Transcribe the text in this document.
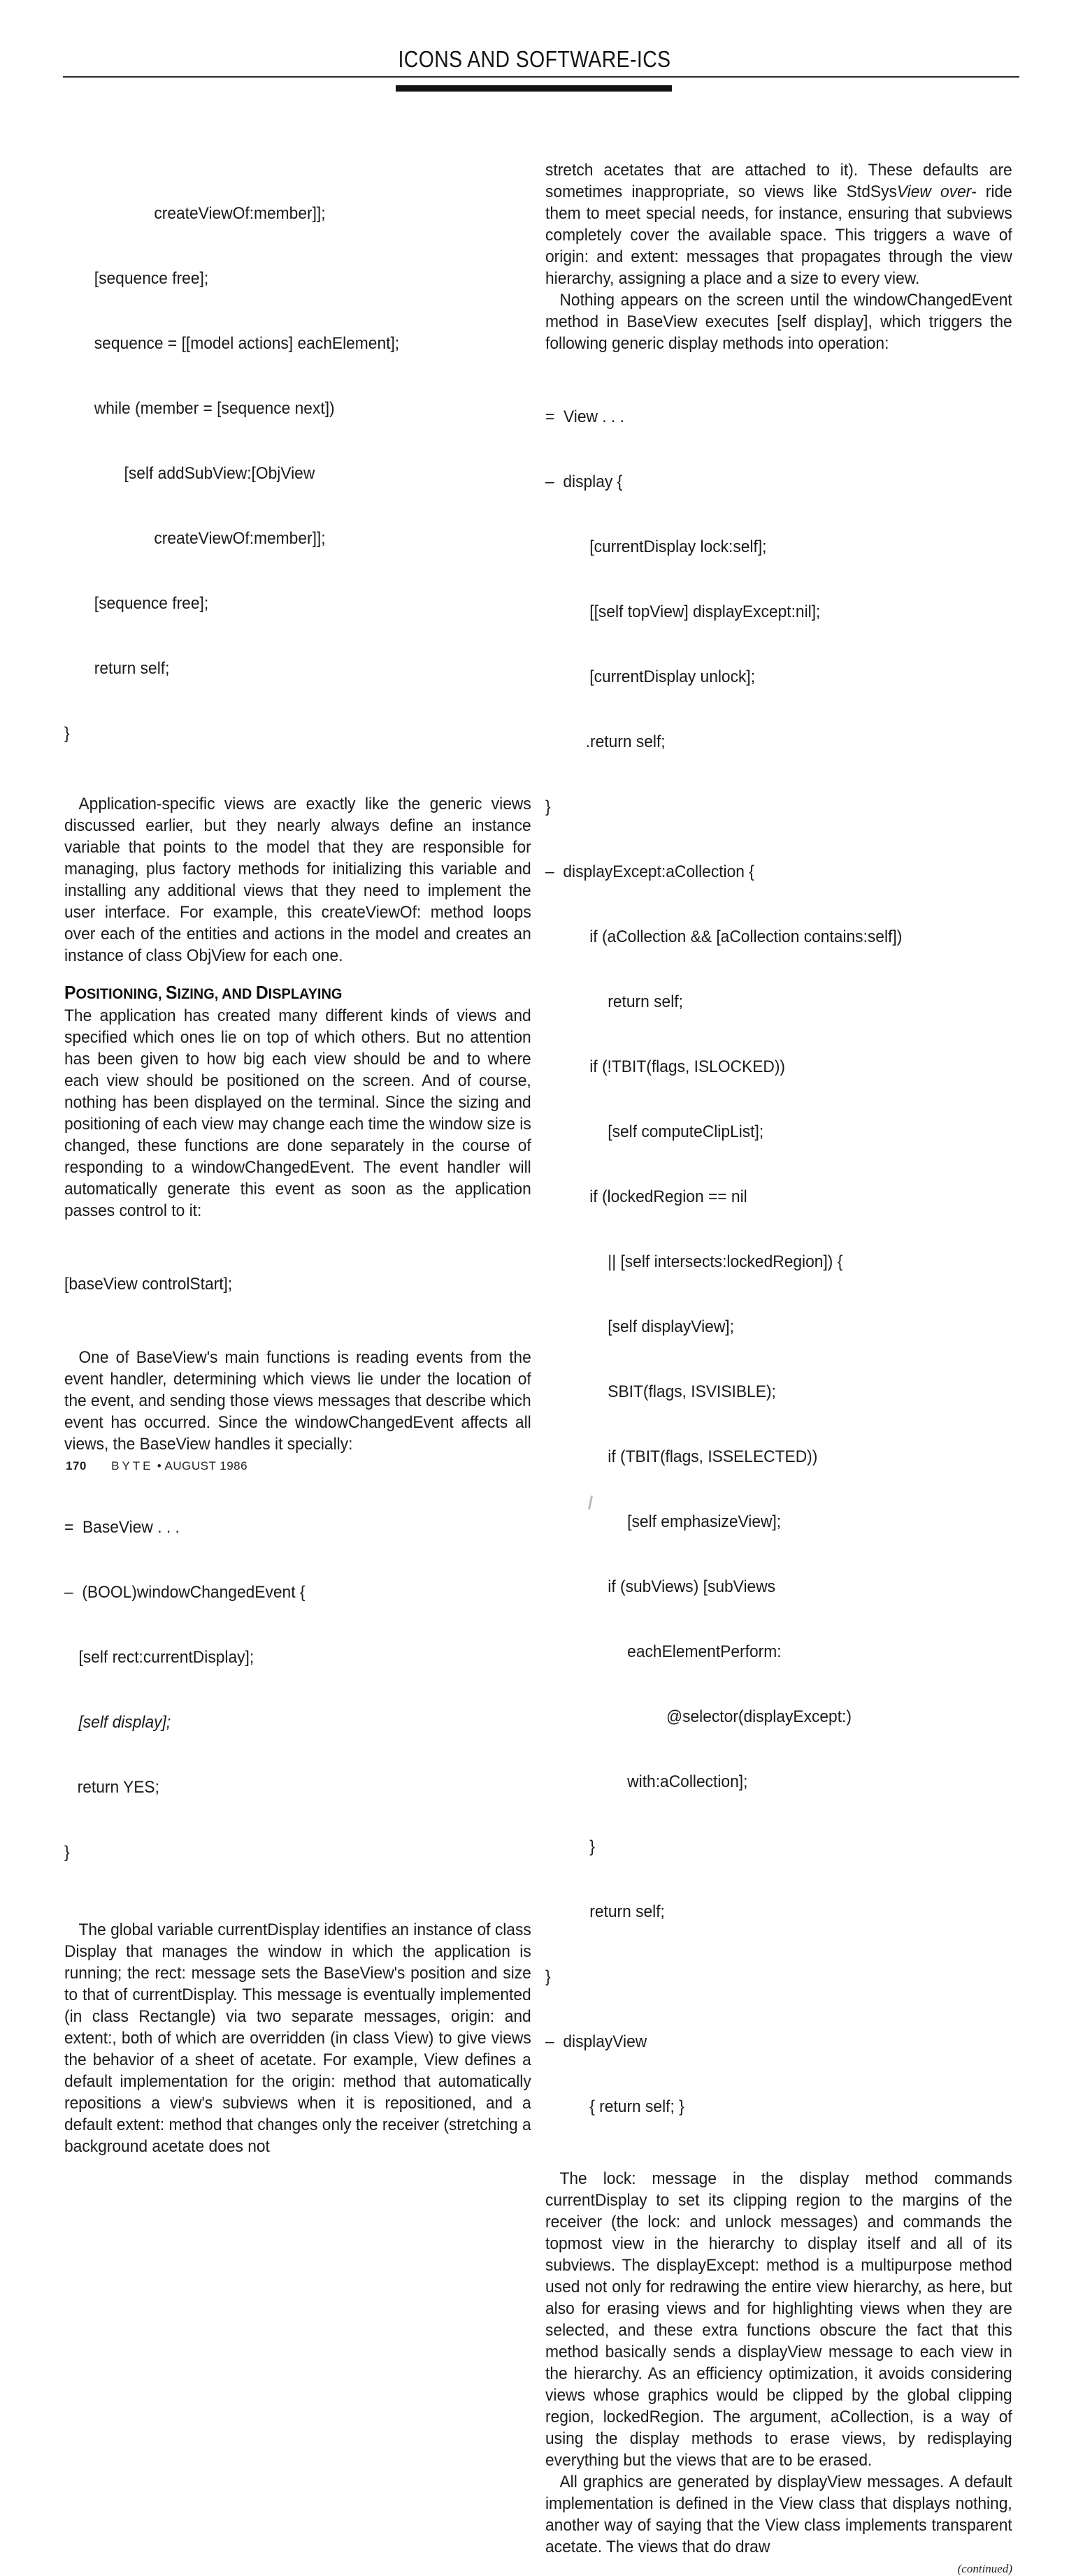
ICONS AND SOFTWARE-ICS

createViewOf:member]];

[sequence free];

sequence = [[model actions] eachElement];

while (member = [sequence next])

[self addSubView:[ObjView

createViewOf:member]];

[sequence free];

return self;

}

Application-specific views are exactly like the generic views discussed earlier, but they nearly always define an instance variable that points to the model that they are responsible for managing, plus factory methods for initializing this variable and installing any additional views that they need to implement the user interface. For example, this createViewOf: method loops over each of the entities and actions in the model and creates an instance of class ObjView for each one.

POSITIONING, SIZING, AND DISPLAYING

The application has created many different kinds of views and specified which ones lie on top of which others. But no attention has been given to how big each view should be and to where each view should be positioned on the screen. And of course, nothing has been displayed on the terminal. Since the sizing and positioning of each view may change each time the window size is changed, these functions are done separately in the course of responding to a windowChangedEvent. The event handler will automatically generate this event as soon as the application passes control to it:

[baseView controlStart];

One of BaseView's main functions is reading events from the event handler, determining which views lie under the location of the event, and sending those views messages that describe which event has occurred. Since the windowChangedEvent affects all views, the BaseView handles it specially:

=  BaseView . . .

–  (BOOL)windowChangedEvent {

[self rect:currentDisplay];

[self display];

return YES;

}

The global variable currentDisplay identifies an instance of class Display that manages the window in which the application is running; the rect: message sets the BaseView's position and size to that of currentDisplay. This message is eventually implemented (in class Rectangle) via two separate messages, origin: and extent:, both of which are overridden (in class View) to give views the behavior of a sheet of acetate. For example, View defines a default implementation for the origin: method that automatically repositions a view's subviews when it is repositioned, and a default extent: method that changes only the receiver (stretching a background acetate does not

stretch acetates that are attached to it). These defaults are sometimes inappropriate, so views like StdSysView over- ride them to meet special needs, for instance, ensuring that subviews completely cover the available space. This triggers a wave of origin: and extent: messages that propagates through the view hierarchy, assigning a place and a size to every view.

Nothing appears on the screen until the windowChangedEvent method in BaseView executes [self display], which triggers the following generic display methods into operation:

=  View . . .

–  display {

[currentDisplay lock:self];

[[self topView] displayExcept:nil];

[currentDisplay unlock];

.return self;

}

–  displayExcept:aCollection {

if (aCollection && [aCollection contains:self])

return self;

if (!TBIT(flags, ISLOCKED))

[self computeClipList];

if (lockedRegion == nil

|| [self intersects:lockedRegion]) {

[self displayView];

SBIT(flags, ISVISIBLE);

if (TBIT(flags, ISSELECTED))

[self emphasizeView];

if (subViews) [subViews

eachElementPerform:

@selector(displayExcept:)

with:aCollection];

}

return self;

}

–  displayView

{ return self; }

The lock: message in the display method commands currentDisplay to set its clipping region to the margins of the receiver (the lock: and unlock messages) and commands the topmost view in the hierarchy to display itself and all of its subviews. The displayExcept: method is a multipurpose method used not only for redrawing the entire view hierarchy, as here, but also for erasing views and for highlighting views when they are selected, and these extra functions obscure the fact that this method basically sends a displayView message to each view in the hierarchy. As an efficiency optimization, it avoids considering views whose graphics would be clipped by the global clipping region, lockedRegion. The argument, aCollection, is a way of using the display methods to erase views, by redisplaying everything but the views that are to be erased.

All graphics are generated by displayView messages. A default implementation is defined in the View class that displays nothing, another way of saying that the View class implements transparent acetate. The views that do draw

(continued)

170 BYTE • AUGUST 1986
